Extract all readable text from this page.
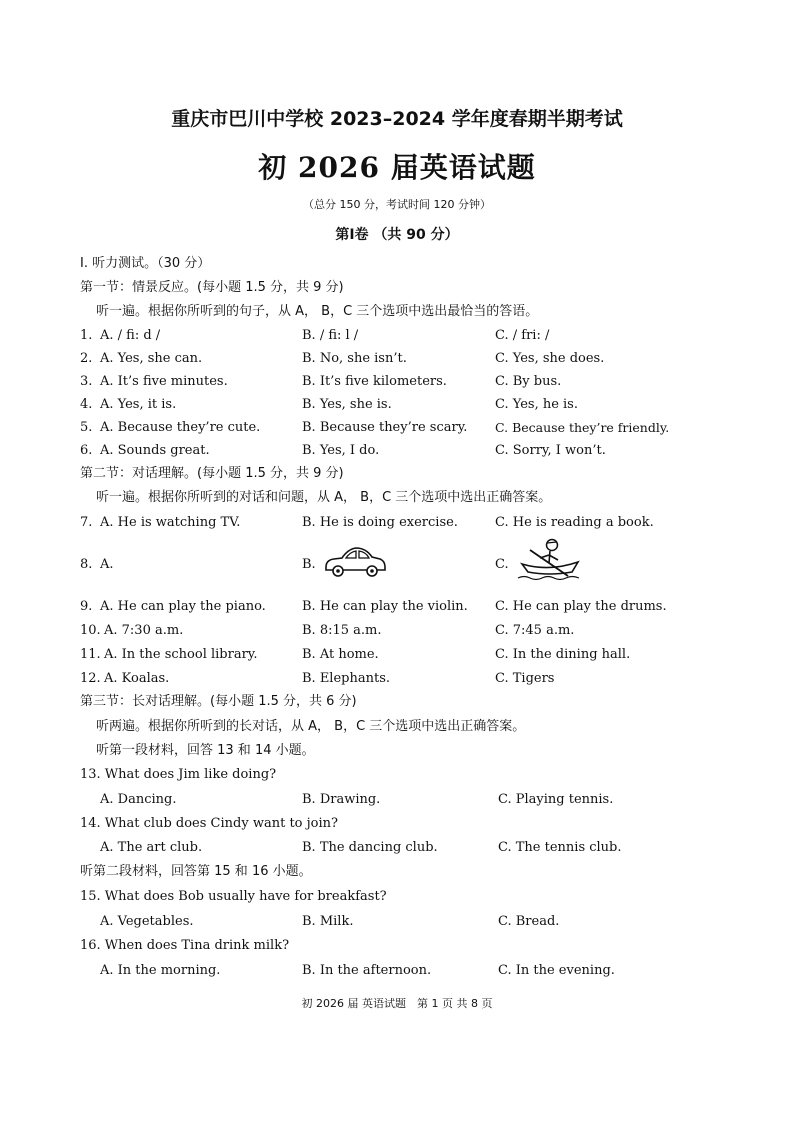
重庆市巴川中学校 2023–2024 学年度春期半期考试
初 2026 届英语试题
（总分 150 分，考试时间 120 分钟）
第Ⅰ卷 （共 90 分）
I. 听力测试。（30 分）
第一节：情景反应。(每小题 1.5 分，共 9 分)
听一遍。根据你所听到的句子，从 A， B，C 三个选项中选出最恰当的答语。
1. A. / fi: d /	B. / fi: l /	C. / fri: /
2. A. Yes, she can.	B. No, she isn’t.	C. Yes, she does.
3. A. It’s five minutes.	B. It’s five kilometers.	C. By bus.
4. A. Yes, it is.	B. Yes, she is.	C. Yes, he is.
5. A. Because they’re cute.	B. Because they’re scary. C. Because they’re friendly.
6. A. Sounds great.	B. Yes, I do.	C. Sorry, I won’t.
第二节：对话理解。(每小题 1.5 分，共 9 分)
听一遍。根据你所听到的对话和问题，从 A， B，C 三个选项中选出正确答案。
7. A. He is watching TV.	B. He is doing exercise.	C. He is reading a book.
8. A.	B.	C.
9. A. He can play the piano.	B. He can play the violin. C. He can play the drums.
10. A. 7:30 a.m.	B. 8:15 a.m.	C. 7:45 a.m.
11. A. In the school library.	B. At home.	C. In the dining hall.
12. A. Koalas.	B. Elephants.	C. Tigers
第三节：长对话理解。(每小题 1.5 分，共 6 分)
听两遍。根据你所听到的长对话，从 A， B，C 三个选项中选出正确答案。
听第一段材料，回答 13 和 14 小题。
13. What does Jim like doing?
A. Dancing.	B. Drawing.	C. Playing tennis.
14. What club does Cindy want to join?
A. The art club.	B. The dancing club.	C. The tennis club.
听第二段材料，回答第 15 和 16 小题。
15. What does Bob usually have for breakfast?
A. Vegetables.	B. Milk.	C. Bread.
16. When does Tina drink milk?
A. In the morning.	B. In the afternoon.	C. In the evening.
初 2026 届 英语试题　第 1 页 共 8 页
